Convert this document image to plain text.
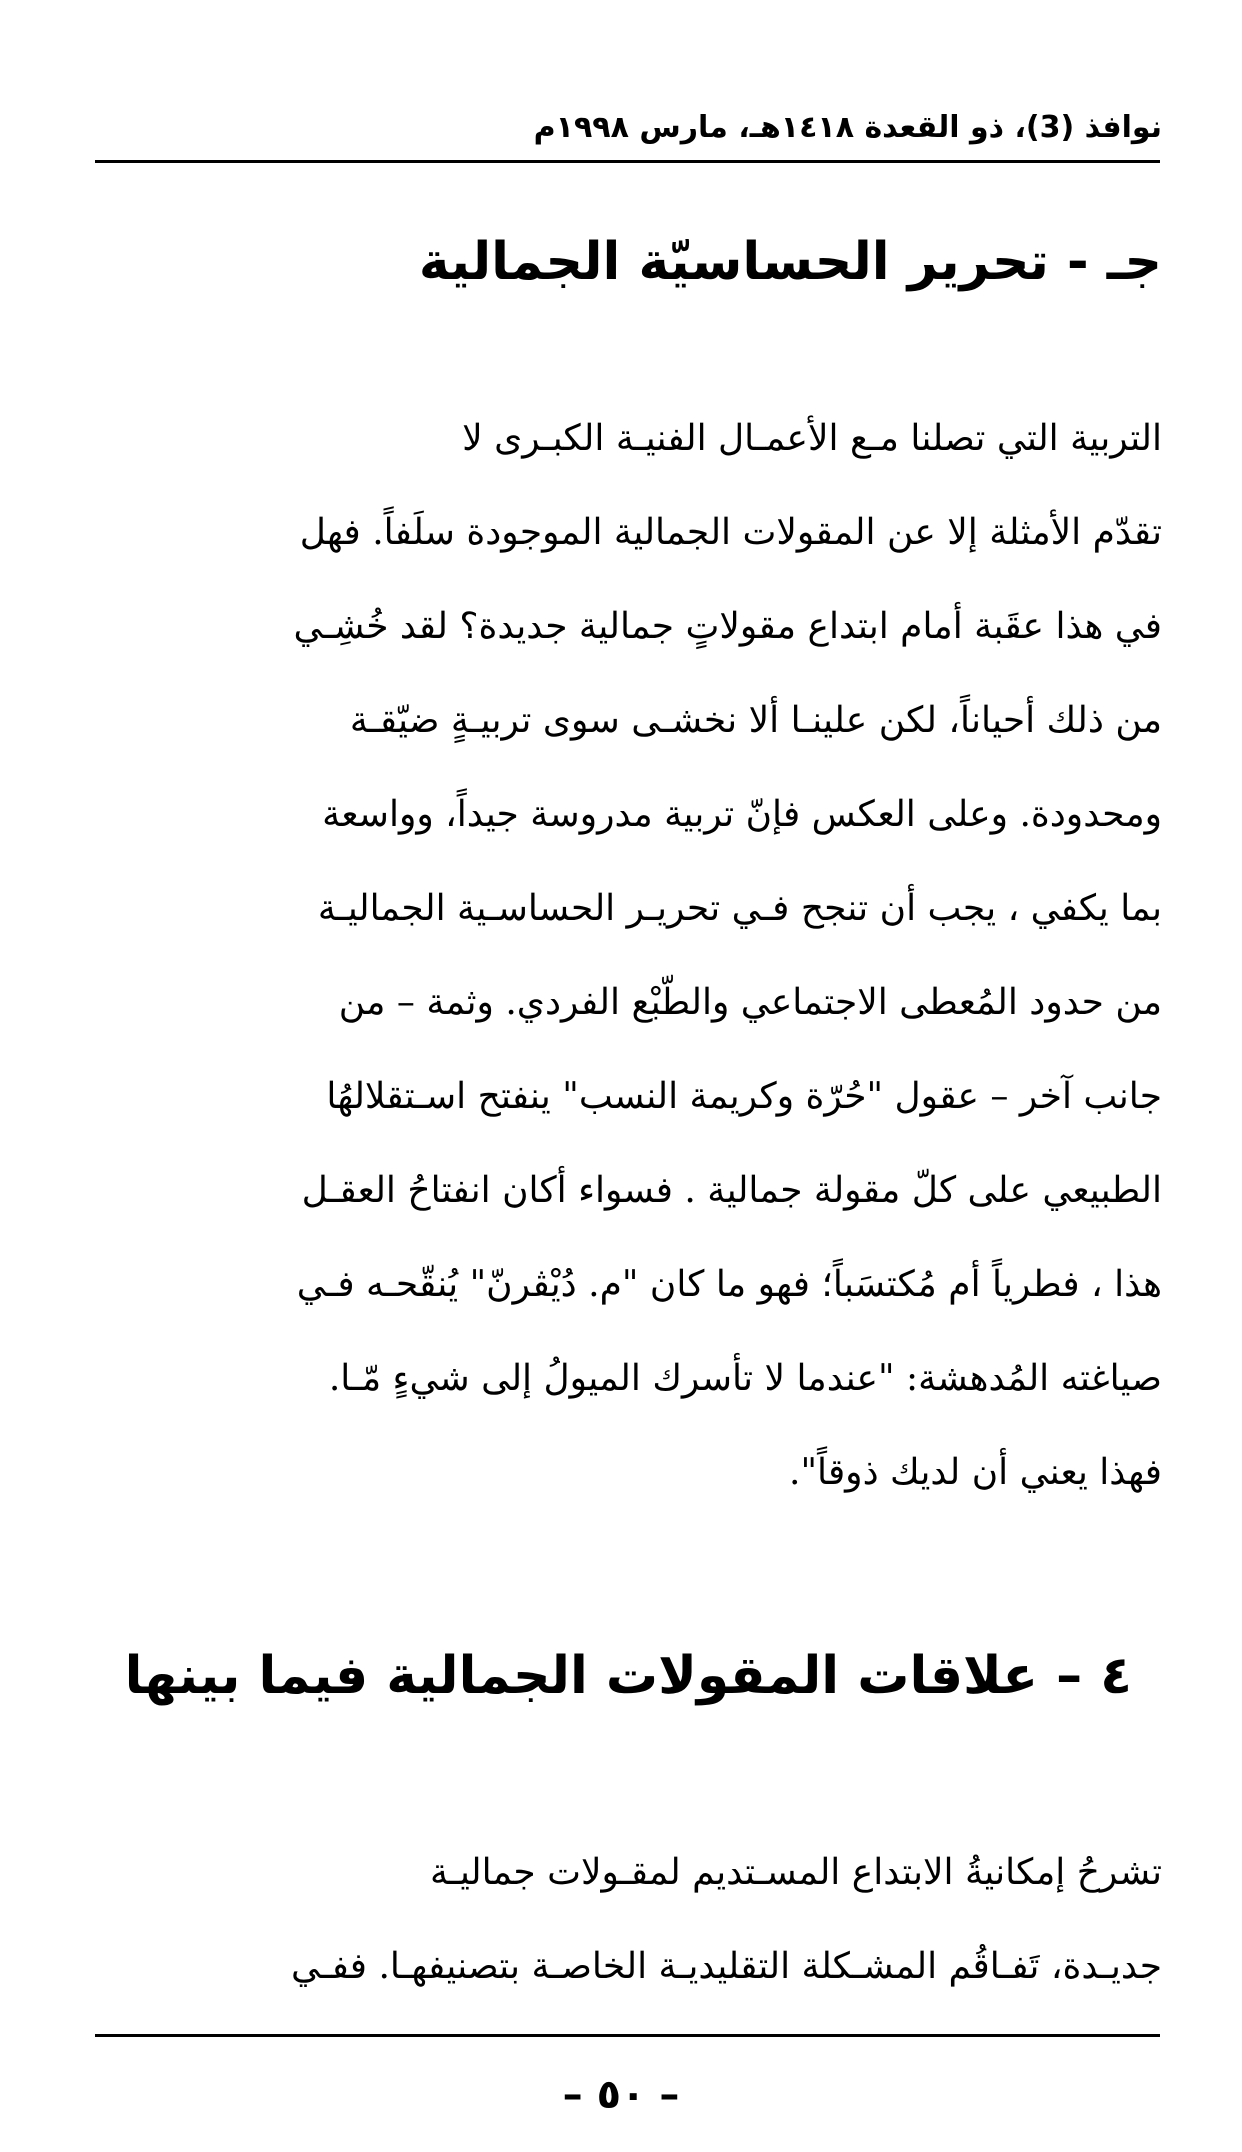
نوافذ (3)، ذو القعدة ١٤١٨هـ، مارس ١٩٩٨م
جـ - تحرير الحساسيّة الجمالية
التربية التي تصلنا مـع الأعمـال الفنيـة الكبـرى لا
تقدّم الأمثلة إلا عن المقولات الجمالية الموجودة سلَفاً. فهل
في هذا عقَبة أمام ابتداع مقولاتٍ جمالية جديدة؟ لقد خُشِـي
من ذلك أحياناً، لكن علينـا ألا نخشـى سوى تربيـةٍ ضيّقـة
ومحدودة. وعلى العكس فإنّ تربية مدروسة جيداً، وواسعة
بما يكفي ، يجب أن تنجح فـي تحريـر الحساسـية الجماليـة
من حدود المُعطى الاجتماعي والطّبْع الفردي. وثمة – من
جانب آخر – عقول "حُرّة وكريمة النسب" ينفتح اسـتقلالهُا
الطبيعي على كلّ مقولة جمالية . فسواء أكان انفتاحُ العقـل
هذا ، فطرياً أم مُكتسَباً؛ فهو ما كان "م. دُيْڤرنّ" يُنقّحـه فـي
صياغته المُدهشة: "عندما لا تأسرك الميولُ إلى شيءٍ مّـا.
فهذا يعني أن لديك ذوقاً".
٤ – علاقات المقولات الجمالية فيما بينها
تشرحُ إمكانيةُ الابتداع المسـتديم لمقـولات جماليـة
جديـدة، تَفـاقُم المشـكلة التقليديـة الخاصـة بتصنيفهـا. ففـي
– ٥٠ –
